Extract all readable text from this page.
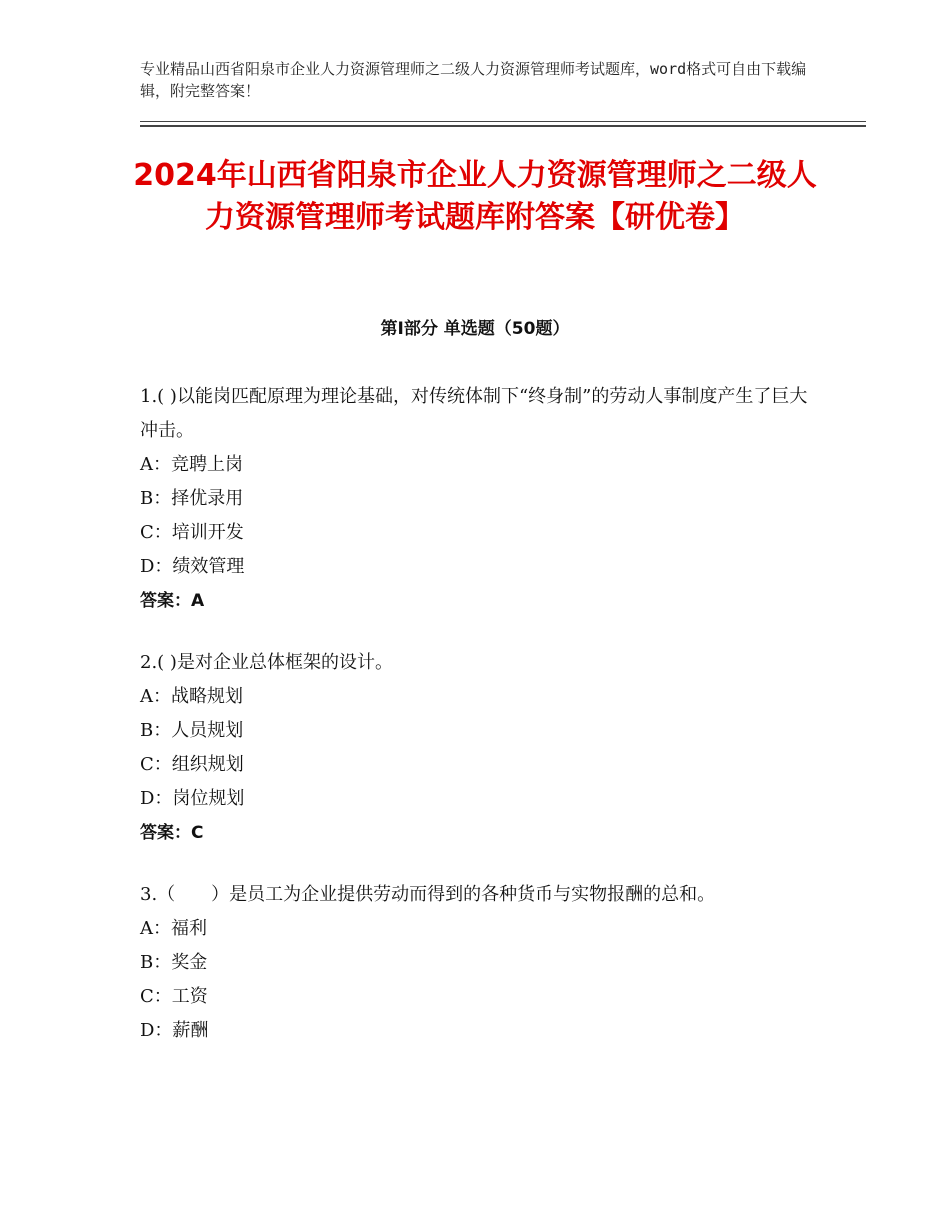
专业精品山西省阳泉市企业人力资源管理师之二级人力资源管理师考试题库，word格式可自由下载编辑，附完整答案！
2024年山西省阳泉市企业人力资源管理师之二级人力资源管理师考试题库附答案【研优卷】
第Ⅰ部分 单选题（50题）

1.( )以能岗匹配原理为理论基础，对传统体制下“终身制”的劳动人事制度产生了巨大冲击。

A：竞聘上岗

B：择优录用

C：培训开发

D：绩效管理

答案：A

2.( )是对企业总体框架的设计。

A：战略规划

B：人员规划

C：组织规划

D：岗位规划

答案：C

3.（　　）是员工为企业提供劳动而得到的各种货币与实物报酬的总和。

A：福利

B：奖金

C：工资

D：薪酬
